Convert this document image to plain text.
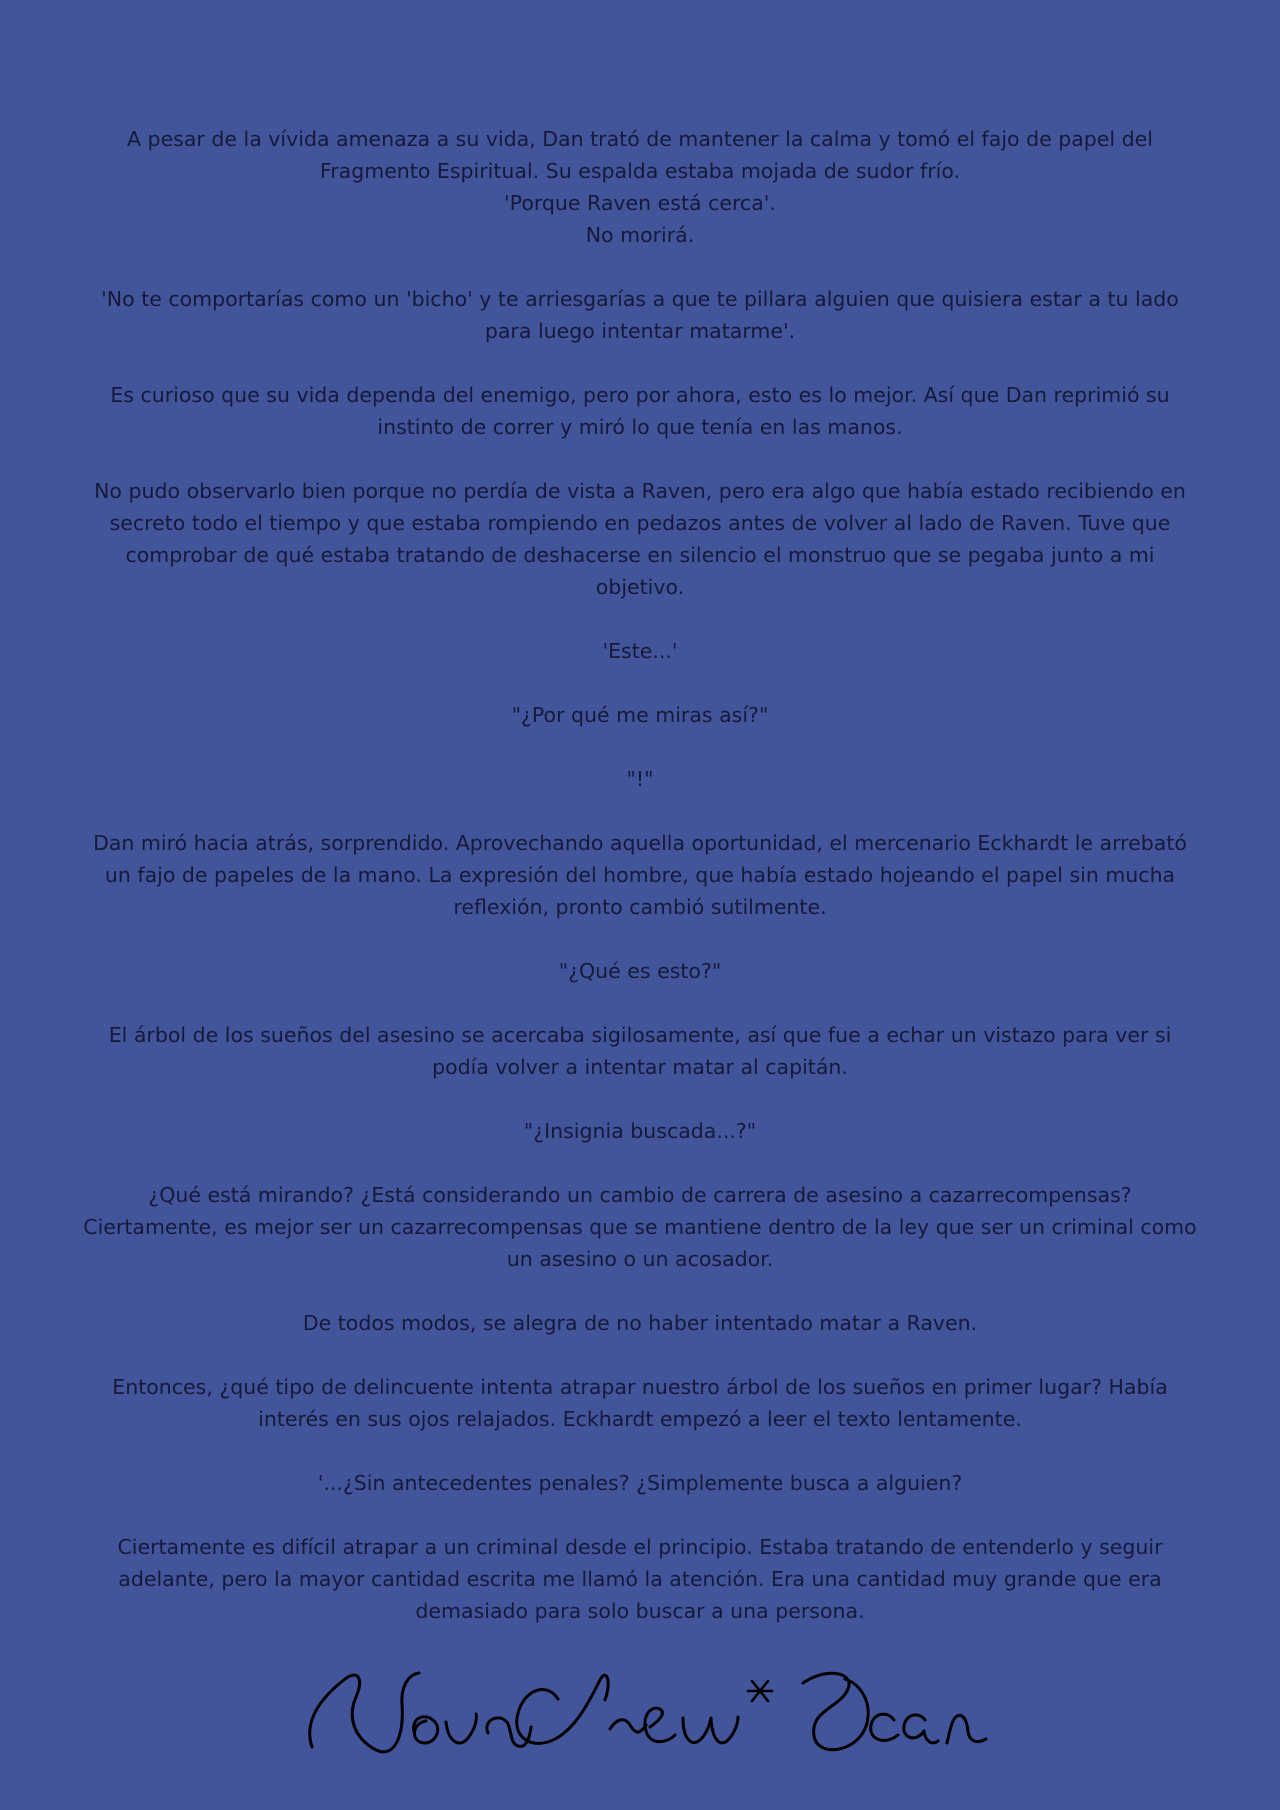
A pesar de la vívida amenaza a su vida, Dan trató de mantener la calma y tomó el fajo de papel del Fragmento Espiritual. Su espalda estaba mojada de sudor frío.
'Porque Raven está cerca'.
No morirá.

'No te comportarías como un 'bicho' y te arriesgarías a que te pillara alguien que quisiera estar a tu lado para luego intentar matarme'.

Es curioso que su vida dependa del enemigo, pero por ahora, esto es lo mejor. Así que Dan reprimió su instinto de correr y miró lo que tenía en las manos.

No pudo observarlo bien porque no perdía de vista a Raven, pero era algo que había estado recibiendo en secreto todo el tiempo y que estaba rompiendo en pedazos antes de volver al lado de Raven. Tuve que comprobar de qué estaba tratando de deshacerse en silencio el monstruo que se pegaba junto a mi objetivo.

'Este...'

"¿Por qué me miras así?"

"!"

Dan miró hacia atrás, sorprendido. Aprovechando aquella oportunidad, el mercenario Eckhardt le arrebató un fajo de papeles de la mano. La expresión del hombre, que había estado hojeando el papel sin mucha reflexión, pronto cambió sutilmente.

"¿Qué es esto?"

El árbol de los sueños del asesino se acercaba sigilosamente, así que fue a echar un vistazo para ver si podía volver a intentar matar al capitán.

"¿Insignia buscada...?"

¿Qué está mirando? ¿Está considerando un cambio de carrera de asesino a cazarrecompensas? Ciertamente, es mejor ser un cazarrecompensas que se mantiene dentro de la ley que ser un criminal como un asesino o un acosador.

De todos modos, se alegra de no haber intentado matar a Raven.

Entonces, ¿qué tipo de delincuente intenta atrapar nuestro árbol de los sueños en primer lugar? Había interés en sus ojos relajados. Eckhardt empezó a leer el texto lentamente.

'...¿Sin antecedentes penales? ¿Simplemente busca a alguien?

Ciertamente es difícil atrapar a un criminal desde el principio. Estaba tratando de entenderlo y seguir adelante, pero la mayor cantidad escrita me llamó la atención. Era una cantidad muy grande que era demasiado para solo buscar a una persona.
